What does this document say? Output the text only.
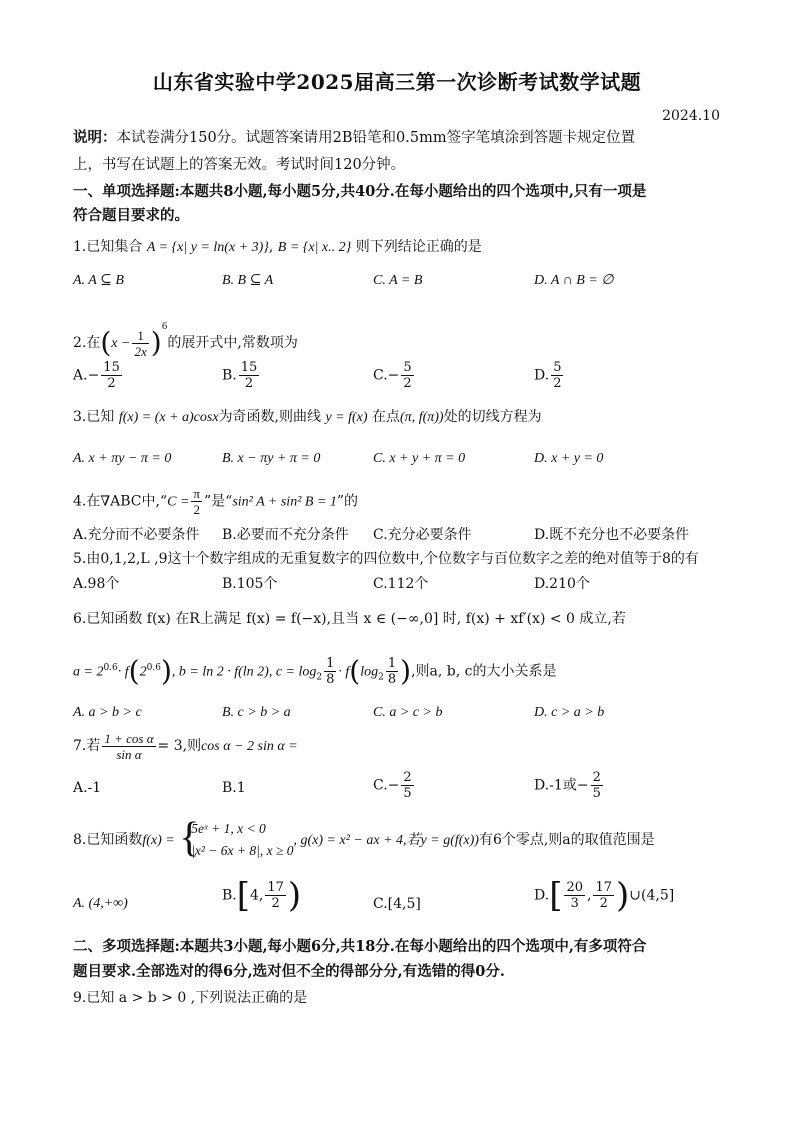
山东省实验中学2025届高三第一次诊断考试数学试题
2024.10
说明：本试卷满分150分。试题答案请用2B铅笔和0.5mm签字笔填涂到答题卡规定位置
上，书写在试题上的答案无效。考试时间120分钟。
一、单项选择题:本题共8小题,每小题5分,共40分.在每小题给出的四个选项中,只有一项是
符合题目要求的。
1.已知集合 A = {x| y = ln(x + 3)}, B = {x| x.. 2} 则下列结论正确的是
A. A ⊆ B	B. B ⊆ A	C. A = B	D. A ∩ B = ∅
2.在$(x - \frac{1}{2x} )^6$的展开式中,常数项为
$A.- \frac{15}{2}$	B. $\frac{15}{2}$	$C.- \frac{5}{2}$	D. $\frac{5}{2}$
3.已知 f(x) = (x + a)cosx为奇函数,则曲线 y = f(x) 在点(π, f(π))处的切线方程为
A. x + πy − π = 0	B. x − πy + π = 0	C. x + y + π = 0	D. x + y = 0
4.在∇ABC中,“C = $\frac{\pi}{2}$ ”是“sin² A + sin² B = 1”的
A.充分而不必要条件 B.必要而不充分条件 C.充分必要条件	D.既不充分也不必要条件
5.由0,1,2,L ,9这十个数字组成的无重复数字的四位数中,个位数字与百位数字之差的绝对值等于8的有
A.98个	B.105个	C.112个	D.210个
6.已知函数 f(x) 在R上满足 f(x) = f(−x),且当 x ∈ (−∞,0] 时, f(x) + xf′(x) < 0 成立,若
$a = 2^{0.6}\cdot f(2^{0.6})$, b = ln 2 · f(ln 2), $c = \log_2 \frac{1}{8} \cdot f(\log_2 \frac{1}{8}$ ),则a, b, c的大小关系是
A. a > b > c	B. c > b > a	C. a > c > b	D. c > a > b
7.若 $\frac{\text{1 + cos α}}{\text{sin α}} = 3$,则cos α − 2 sin α =
A.-1	B.1	$C.- \frac{2}{5}$	D.-1或− $\frac{2}{5}$
8.已知函数f(x) = {
5eˣ + 1, x < 0
|x² − 6x + 8|, x ≥ 0
, g(x) = x² − ax + 4,若y = g(f(x))有6个零点,则a的取值范围是
A. (4,+∞)	B.[4, $\frac{17}{2}$ )	C.[4,5]
$D.[ \frac{20}{3}$ , $\frac{17}{2}$ )∪(4,5]
二、多项选择题:本题共3小题,每小题6分,共18分.在每小题给出的四个选项中,有多项符合
题目要求.全部选对的得6分,选对但不全的得部分分,有选错的得0分.
9.已知 a > b > 0 ,下列说法正确的是
